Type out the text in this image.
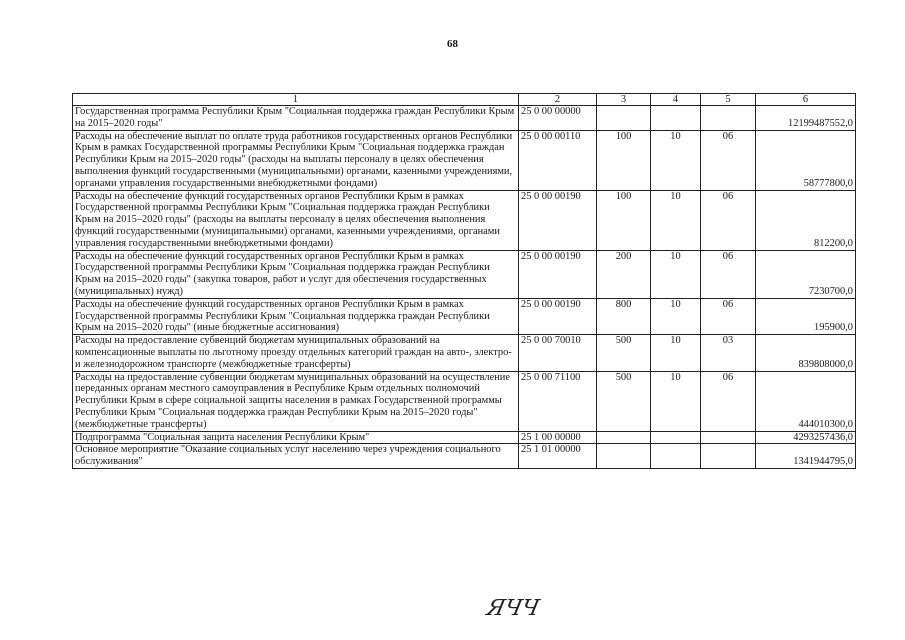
68
1	2	3	4	5	6
Государственная программа Республики Крым "Социальная поддержка граждан Республики Крым на 2015–2020 годы"	25 0 00 00000				12199487552,0
Расходы на обеспечение выплат по оплате труда работников государственных органов Республики Крым в рамках Государственной программы Республики Крым "Социальная поддержка граждан Республики Крым на 2015–2020 годы" (расходы на выплаты персоналу в целях обеспечения выполнения функций государственными (муниципальными) органами, казенными учреждениями, органами управления государственными внебюджетными фондами)	25 0 00 00110	100	10	06	58777800,0
Расходы на обеспечение функций государственных органов Республики Крым в рамках Государственной программы Республики Крым "Социальная поддержка граждан Республики Крым на 2015–2020 годы" (расходы на выплаты персоналу в целях обеспечения выполнения функций государственными (муниципальными) органами, казенными учреждениями, органами управления государственными внебюджетными фондами)	25 0 00 00190	100	10	06	812200,0
Расходы на обеспечение функций государственных органов Республики Крым в рамках Государственной программы Республики Крым "Социальная поддержка граждан Республики Крым на 2015–2020 годы" (закупка товаров, работ и услуг для обеспечения государственных (муниципальных) нужд)	25 0 00 00190	200	10	06	7230700,0
Расходы на обеспечение функций государственных органов Республики Крым в рамках Государственной программы Республики Крым "Социальная поддержка граждан Республики Крым на 2015–2020 годы" (иные бюджетные ассигнования)	25 0 00 00190	800	10	06	195900,0
Расходы на предоставление субвенций бюджетам муниципальных образований на компенсационные выплаты по льготному проезду отдельных категорий граждан на авто-, электро- и железнодорожном транспорте (межбюджетные трансферты)	25 0 00 70010	500	10	03	839808000,0
Расходы на предоставление субвенции бюджетам муниципальных образований на осуществление переданных органам местного самоуправления в Республике Крым отдельных полномочий Республики Крым в сфере социальной защиты населения в рамках Государственной программы Республики Крым "Социальная поддержка граждан Республики Крым на 2015–2020 годы" (межбюджетные трансферты)	25 0 00 71100	500	10	06	444010300,0
Подпрограмма "Социальная защита населения Республики Крым"	25 1 00 00000				4293257436,0
Основное мероприятие "Оказание социальных услуг населению через учреждения социального обслуживания"	25 1 01 00000				1341944795,0
ЯЧЧ
